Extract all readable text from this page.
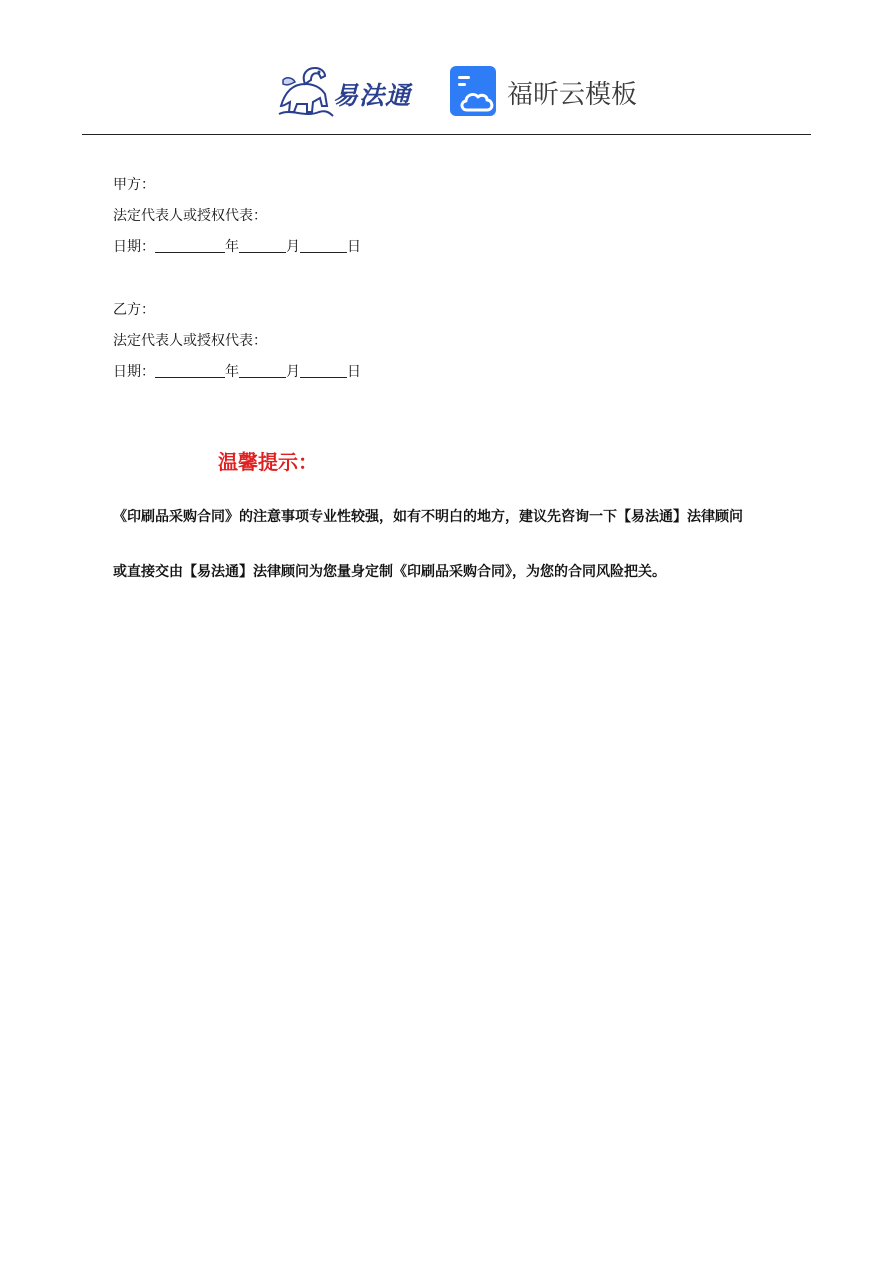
易法通	福昕云模板
甲方：
法定代表人或授权代表：
日期：	年	月	日
乙方：
法定代表人或授权代表：
日期：	年	月	日
温馨提示：
《印刷品采购合同》的注意事项专业性较强，如有不明白的地方，建议先咨询一下【易法通】法律顾问
或直接交由【易法通】法律顾问为您量身定制《印刷品采购合同》，为您的合同风险把关。
